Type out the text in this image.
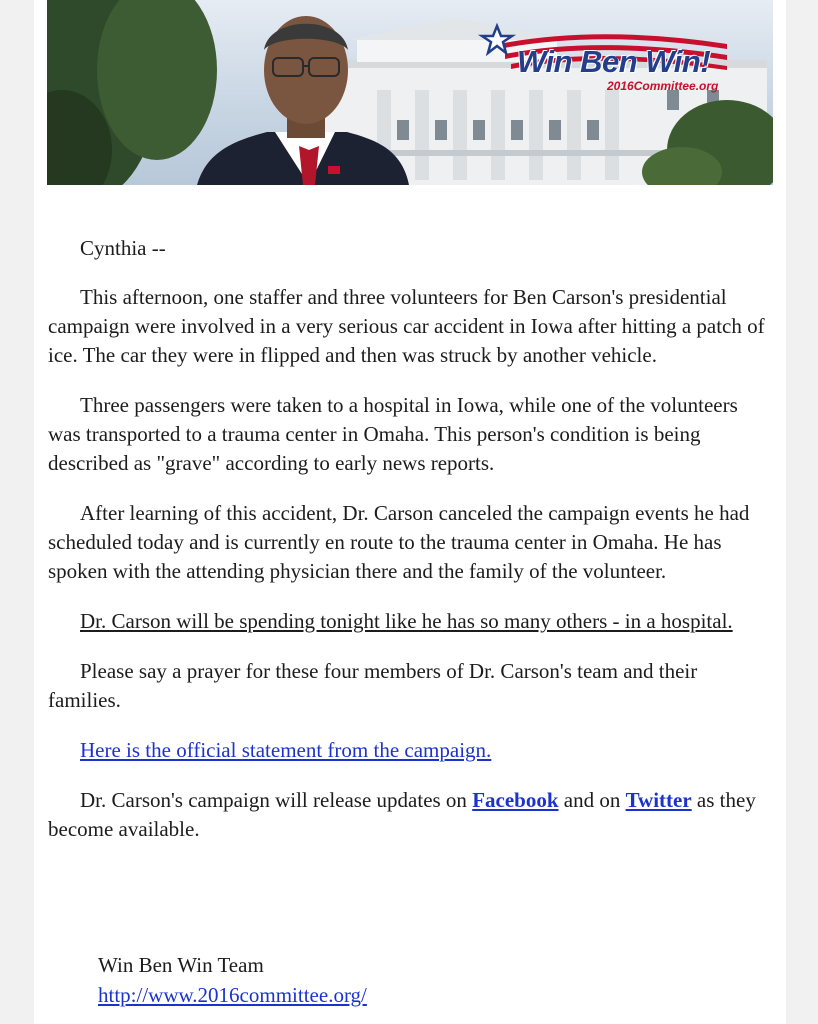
Win Ben Win!
2016Committee.org

Cynthia --

This afternoon, one staffer and three volunteers for Ben Carson's presidential campaign were involved in a very serious car accident in Iowa after hitting a patch of ice. The car they were in flipped and then was struck by another vehicle.

Three passengers were taken to a hospital in Iowa, while one of the volunteers was transported to a trauma center in Omaha. This person's condition is being described as "grave" according to early news reports.

After learning of this accident, Dr. Carson canceled the campaign events he had scheduled today and is currently en route to the trauma center in Omaha. He has spoken with the attending physician there and the family of the volunteer.

Dr. Carson will be spending tonight like he has so many others - in a hospital.

Please say a prayer for these four members of Dr. Carson's team and their families.

Here is the official statement from the campaign.

Dr. Carson's campaign will release updates on Facebook and on Twitter as they become available.

Win Ben Win Team
http://www.2016committee.org/
